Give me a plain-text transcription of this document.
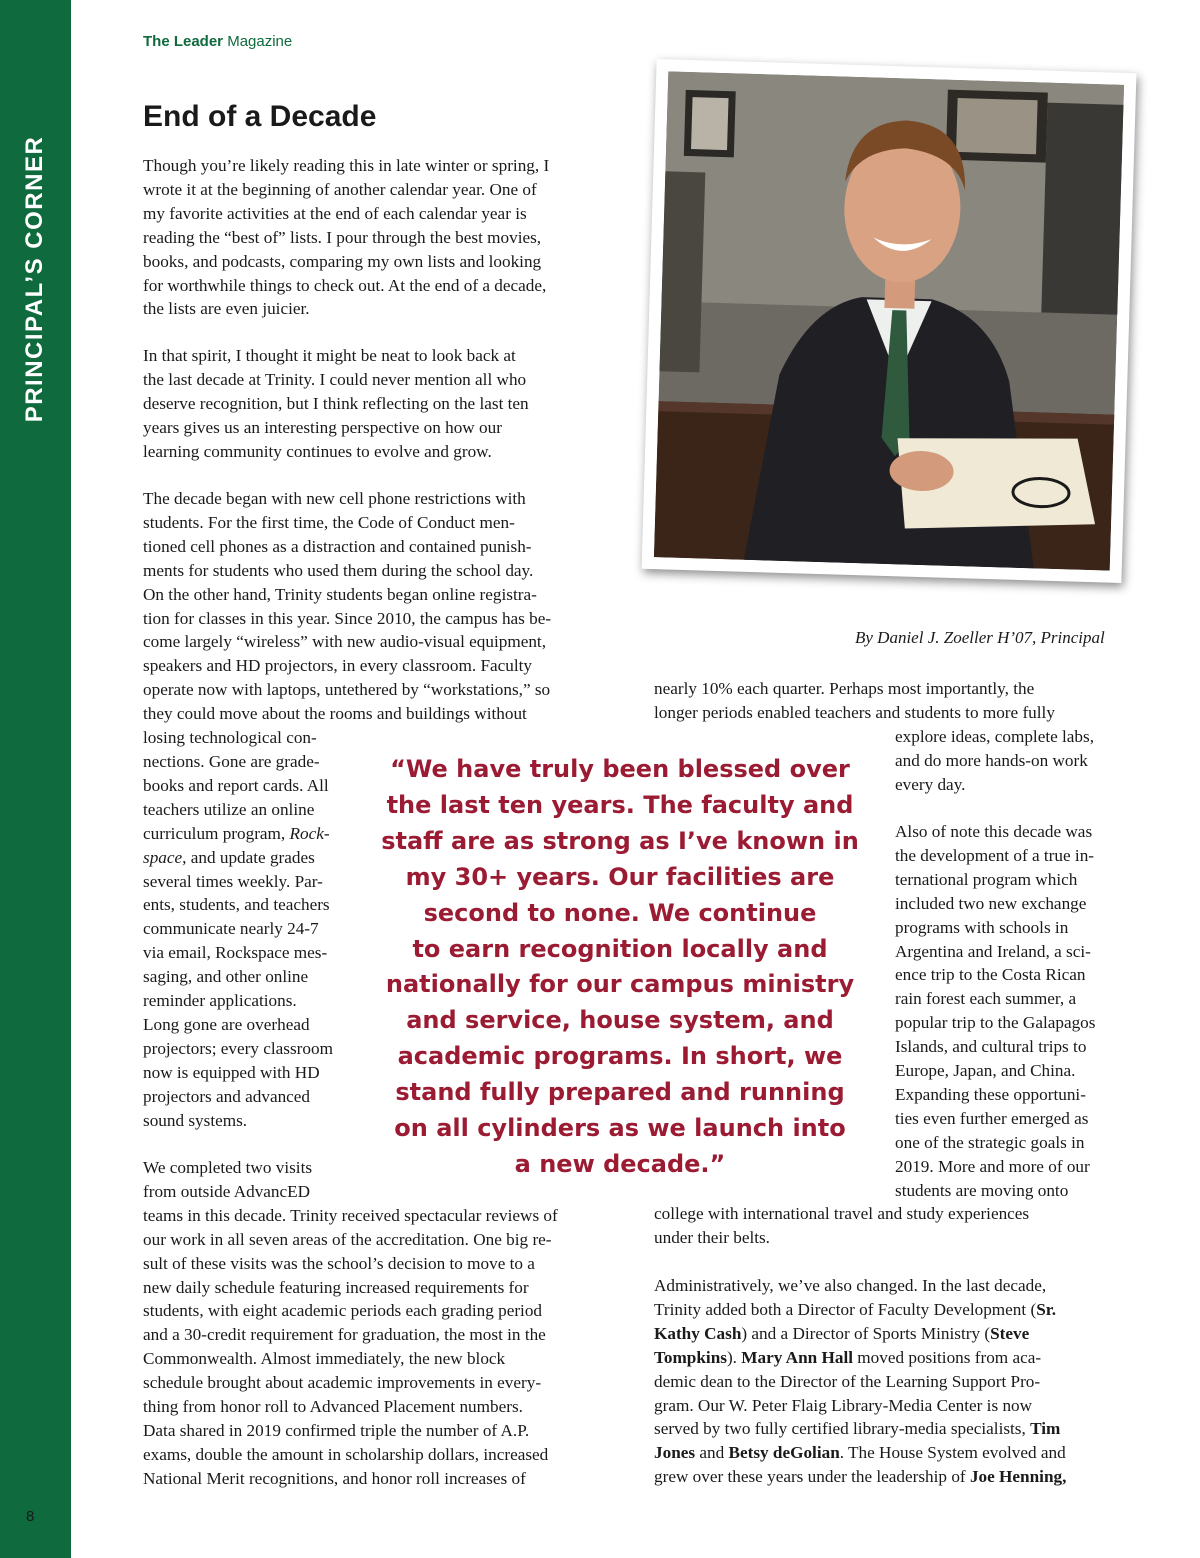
PRINCIPAL’S CORNER
8
The Leader Magazine
End of a Decade
Though you’re likely reading this in late winter or spring, I
wrote it at the beginning of another calendar year. One of
my favorite activities at the end of each calendar year is
reading the “best of” lists. I pour through the best movies,
books, and podcasts, comparing my own lists and looking
for worthwhile things to check out. At the end of a decade,
the lists are even juicier.
In that spirit, I thought it might be neat to look back at
the last decade at Trinity. I could never mention all who
deserve recognition, but I think reflecting on the last ten
years gives us an interesting perspective on how our
learning community continues to evolve and grow.
The decade began with new cell phone restrictions with
students. For the first time, the Code of Conduct men-
tioned cell phones as a distraction and contained punish-
ments for students who used them during the school day.
On the other hand, Trinity students began online registra-
tion for classes in this year. Since 2010, the campus has be-
come largely “wireless” with new audio-visual equipment,
speakers and HD projectors, in every classroom. Faculty
operate now with laptops, untethered by “workstations,” so
they could move about the rooms and buildings without
losing technological con-
nections. Gone are grade-
books and report cards. All
teachers utilize an online
curriculum program, Rock-
space, and update grades
several times weekly. Par-
ents, students, and teachers
communicate nearly 24-7
via email, Rockspace mes-
saging, and other online
reminder applications.
Long gone are overhead
projectors; every classroom
now is equipped with HD
projectors and advanced
sound systems.
We completed two visits
from outside AdvancED
teams in this decade. Trinity received spectacular reviews of
our work in all seven areas of the accreditation. One big re-
sult of these visits was the school’s decision to move to a
new daily schedule featuring increased requirements for
students, with eight academic periods each grading period
and a 30-credit requirement for graduation, the most in the
Commonwealth. Almost immediately, the new block
schedule brought about academic improvements in every-
thing from honor roll to Advanced Placement numbers.
Data shared in 2019 confirmed triple the number of A.P.
exams, double the amount in scholarship dollars, increased
National Merit recognitions, and honor roll increases of
By Daniel J. Zoeller H’07, Principal
nearly 10% each quarter. Perhaps most importantly, the
longer periods enabled teachers and students to more fully
explore ideas, complete labs,
and do more hands-on work
every day.
Also of note this decade was
the development of a true in-
ternational program which
included two new exchange
programs with schools in
Argentina and Ireland, a sci-
ence trip to the Costa Rican
rain forest each summer, a
popular trip to the Galapagos
Islands, and cultural trips to
Europe, Japan, and China.
Expanding these opportuni-
ties even further emerged as
one of the strategic goals in
2019. More and more of our
students are moving onto
college with international travel and study experiences
under their belts.
Administratively, we’ve also changed. In the last decade,
Trinity added both a Director of Faculty Development (Sr.
Kathy Cash) and a Director of Sports Ministry (Steve
Tompkins). Mary Ann Hall moved positions from aca-
demic dean to the Director of the Learning Support Pro-
gram. Our W. Peter Flaig Library-Media Center is now
served by two fully certified library-media specialists, Tim
Jones and Betsy deGolian. The House System evolved and
grew over these years under the leadership of Joe Henning,
“We have truly been blessed over
the last ten years. The faculty and
staff are as strong as I’ve known in
my 30+ years. Our facilities are
second to none. We continue
to earn recognition locally and
nationally for our campus ministry
and service, house system, and
academic programs. In short, we
stand fully prepared and running
on all cylinders as we launch into
a new decade.”
